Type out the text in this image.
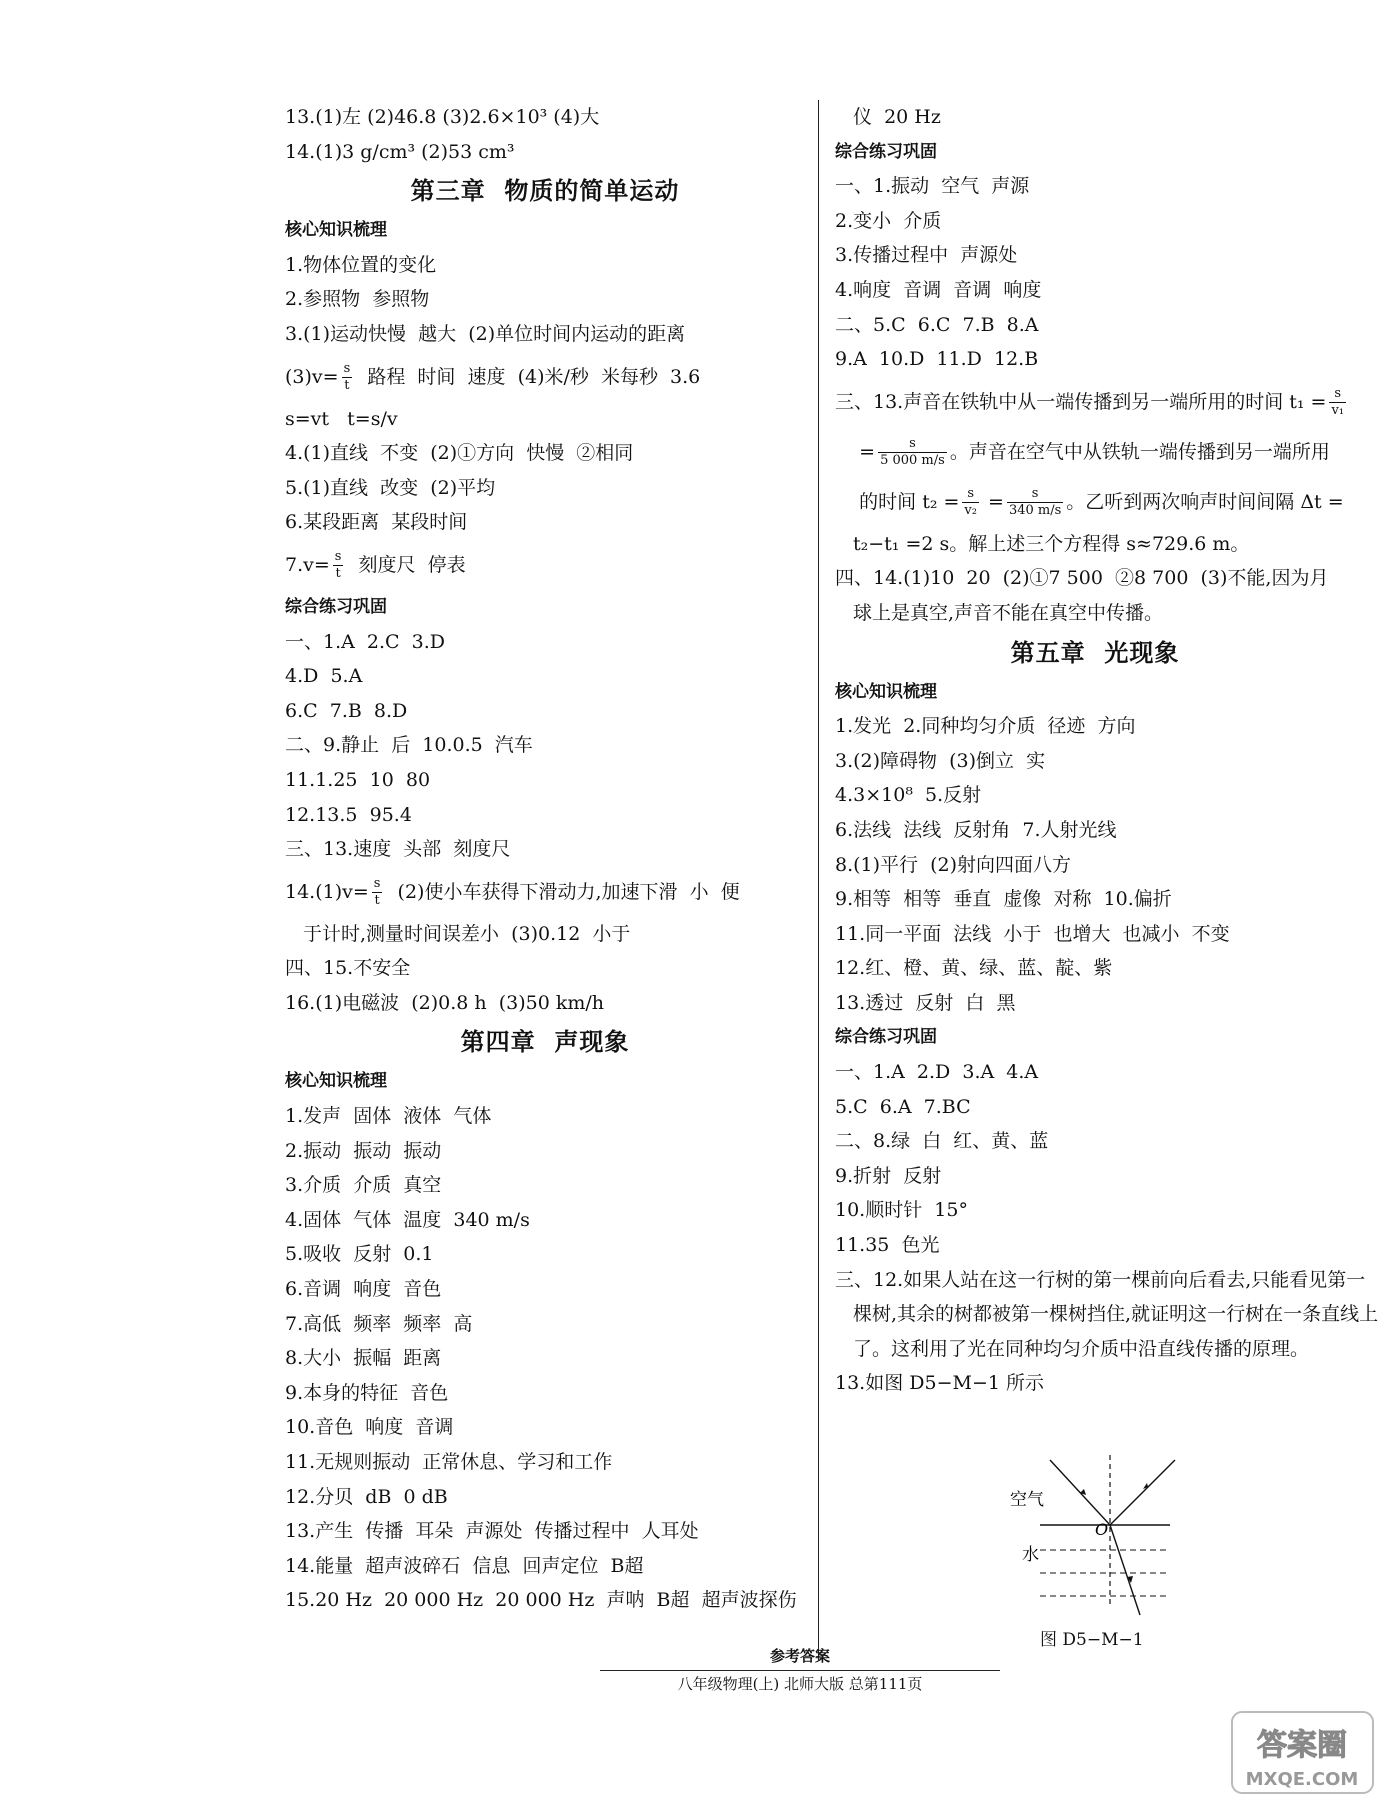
13.(1)左 (2)46.8 (3)2.6×10³ (4)大
14.(1)3 g/cm³ (2)53 cm³
第三章  物质的简单运动
核心知识梳理
1.物体位置的变化
2.参照物  参照物
3.(1)运动快慢  越大  (2)单位时间内运动的距离
$(3)v= \frac{s}{t}$ 路程  时间  速度  (4)米/秒  米每秒  3.6
s=vt   t=s/v
4.(1)直线  不变  (2)①方向  快慢  ②相同
5.(1)直线  改变  (2)平均
6.某段距离  某段时间
$7.v= \frac{s}{t}$ 刻度尺  停表
综合练习巩固
一、1.A  2.C  3.D
4.D  5.A
6.C  7.B  8.D
二、9.静止  后  10.0.5  汽车
11.1.25  10  80
12.13.5  95.4
三、13.速度  头部  刻度尺
$14.(1)v= \frac{s}{t} (2)$使小车获得下滑动力,加速下滑  小  便
于计时,测量时间误差小  (3)0.12  小于
四、15.不安全
16.(1)电磁波  (2)0.8 h  (3)50 km/h
第四章  声现象
核心知识梳理
1.发声  固体  液体  气体
2.振动  振动  振动
3.介质  介质  真空
4.固体  气体  温度  340 m/s
5.吸收  反射  0.1
6.音调  响度  音色
7.高低  频率  频率  高
8.大小  振幅  距离
9.本身的特征  音色
10.音色  响度  音调
11.无规则振动  正常休息、学习和工作
12.分贝  dB  0 dB
13.产生  传播  耳朵  声源处  传播过程中  人耳处
14.能量  超声波碎石  信息  回声定位  B超
15.20 Hz  20 000 Hz  20 000 Hz  声呐  B超  超声波探伤
仪  20 Hz
综合练习巩固
一、1.振动  空气  声源
2.变小  介质
3.传播过程中  声源处
4.响度  音调  音调  响度
二、5.C  6.C  7.B  8.A
9.A  10.D  11.D  12.B
三、13.声音在铁轨中从一端传播到另一端所用的时间 $t_1 = \frac{s}{\text{v₁}}$
= $\frac{s}{5 000 m/s}$ 。声音在空气中从铁轨一端传播到另一端所用
的时间 $t_2 = \frac{s}{\text{v₂}} = \frac{s}{340 m/s}$ 。乙听到两次响声时间间隔 Δt =
t₂−t₁ =2 s。解上述三个方程得 s≈729.6 m。
四、14.(1)10  20  (2)①7 500  ②8 700  (3)不能,因为月
球上是真空,声音不能在真空中传播。
第五章  光现象
核心知识梳理
1.发光  2.同种均匀介质  径迹  方向
3.(2)障碍物  (3)倒立  实
4.3×10⁸  5.反射
6.法线  法线  反射角  7.人射光线
8.(1)平行  (2)射向四面八方
9.相等  相等  垂直  虚像  对称  10.偏折
11.同一平面  法线  小于  也增大  也减小  不变
12.红、橙、黄、绿、蓝、靛、紫
13.透过  反射  白  黑
综合练习巩固
一、1.A  2.D  3.A  4.A
5.C  6.A  7.BC
二、8.绿  白  红、黄、蓝
9.折射  反射
10.顺时针  15°
11.35  色光
三、12.如果人站在这一行树的第一棵前向后看去,只能看见第一
棵树,其余的树都被第一棵树挡住,就证明这一行树在一条直线上
了。这利用了光在同种均匀介质中沿直线传播的原理。
13.如图 D5−M−1 所示
空气
水
O
图 D5−M−1
参考答案
八年级物理(上) 北师大版 总第111页
答案圈
MXQE.COM
